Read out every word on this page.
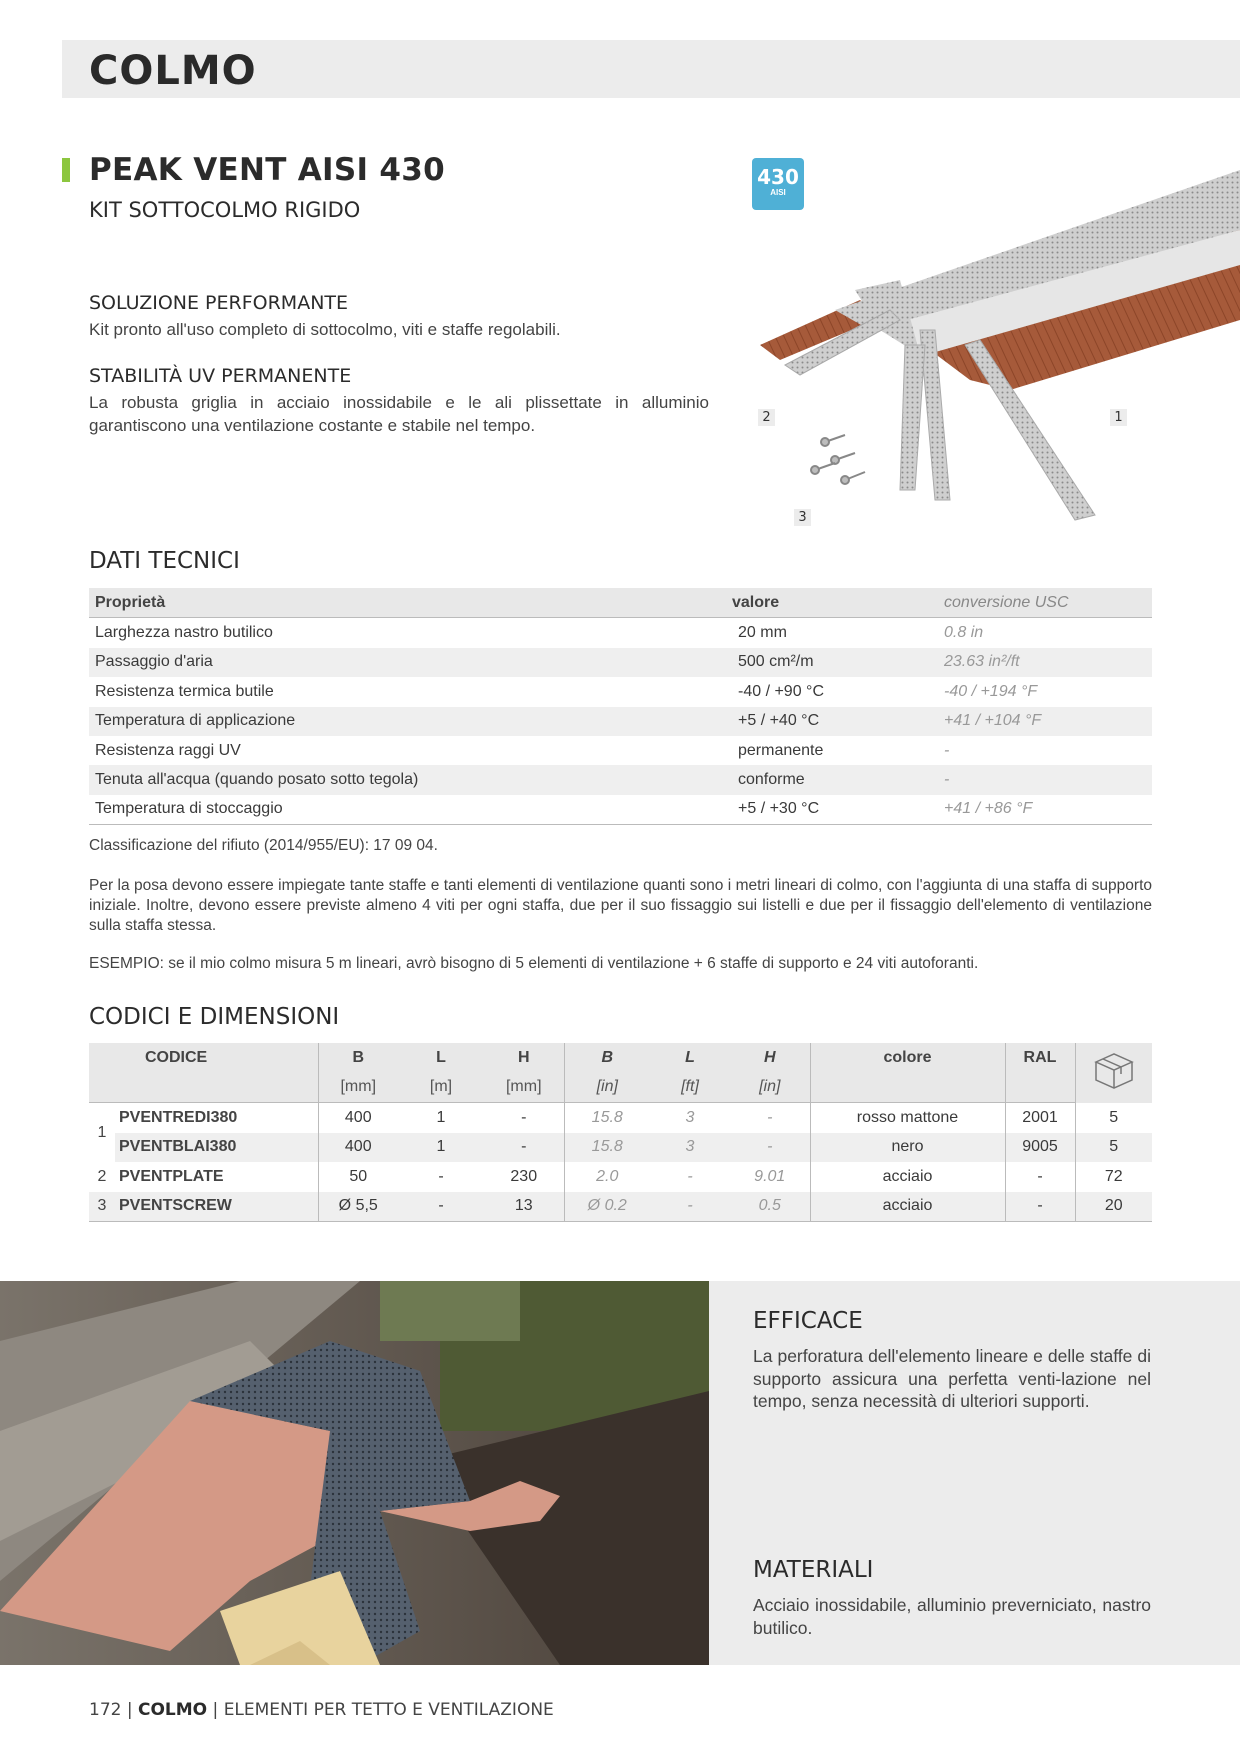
COLMO
PEAK VENT AISI 430
KIT SOTTOCOLMO RIGIDO
SOLUZIONE PERFORMANTE
Kit pronto all'uso completo di sottocolmo, viti e staffe regolabili.
STABILITÀ UV PERMANENTE
La robusta griglia in acciaio inossidabile e le ali plissettate in alluminio garantiscono una ventilazione costante e stabile nel tempo.
430
AISI
2	1
3
DATI TECNICI
Proprietà	valore	conversione USC
Larghezza nastro butilico	20 mm	0.8 in
Passaggio d'aria	500 cm²/m	23.63 in²/ft
Resistenza termica butile	-40 / +90 °C	-40 / +194 °F
Temperatura di applicazione	+5 / +40 °C	+41 / +104 °F
Resistenza raggi UV	permanente	-
Tenuta all'acqua (quando posato sotto tegola)	conforme	-
Temperatura di stoccaggio	+5 / +30 °C	+41 / +86 °F
Classificazione del rifiuto (2014/955/EU): 17 09 04.
Per la posa devono essere impiegate tante staffe e tanti elementi di ventilazione quanti sono i metri lineari di colmo, con l'aggiunta di una staffa di supporto iniziale. Inoltre, devono essere previste almeno 4 viti per ogni staffa, due per il suo fissaggio sui listelli e due per il fissaggio dell'elemento di ventilazione sulla staffa stessa.
ESEMPIO: se il mio colmo misura 5 m lineari, avrò bisogno di 5 elementi di ventilazione + 6 staffe di supporto e 24 viti autoforanti.
CODICI E DIMENSIONI
	CODICE	B	L	H	B	L	H	colore	RAL	
		[mm]	[m]	[mm]	[in]	[ft]	[in]			
1	PVENTREDI380	400	1	-	15.8	3	-	rosso mattone	2001	5
	PVENTBLAI380	400	1	-	15.8	3	-	nero	9005	5
2	PVENTPLATE	50	-	230	2.0	-	9.01	acciaio	-	72
3	PVENTSCREW	Ø 5,5	-	13	Ø 0.2	-	0.5	acciaio	-	20
EFFICACE
La perforatura dell'elemento lineare e delle staffe di supporto assicura una perfetta venti-lazione nel tempo, senza necessità di ulteriori supporti.
MATERIALI
Acciaio inossidabile, alluminio preverniciato, nastro butilico.
172 | COLMO | ELEMENTI PER TETTO E VENTILAZIONE
